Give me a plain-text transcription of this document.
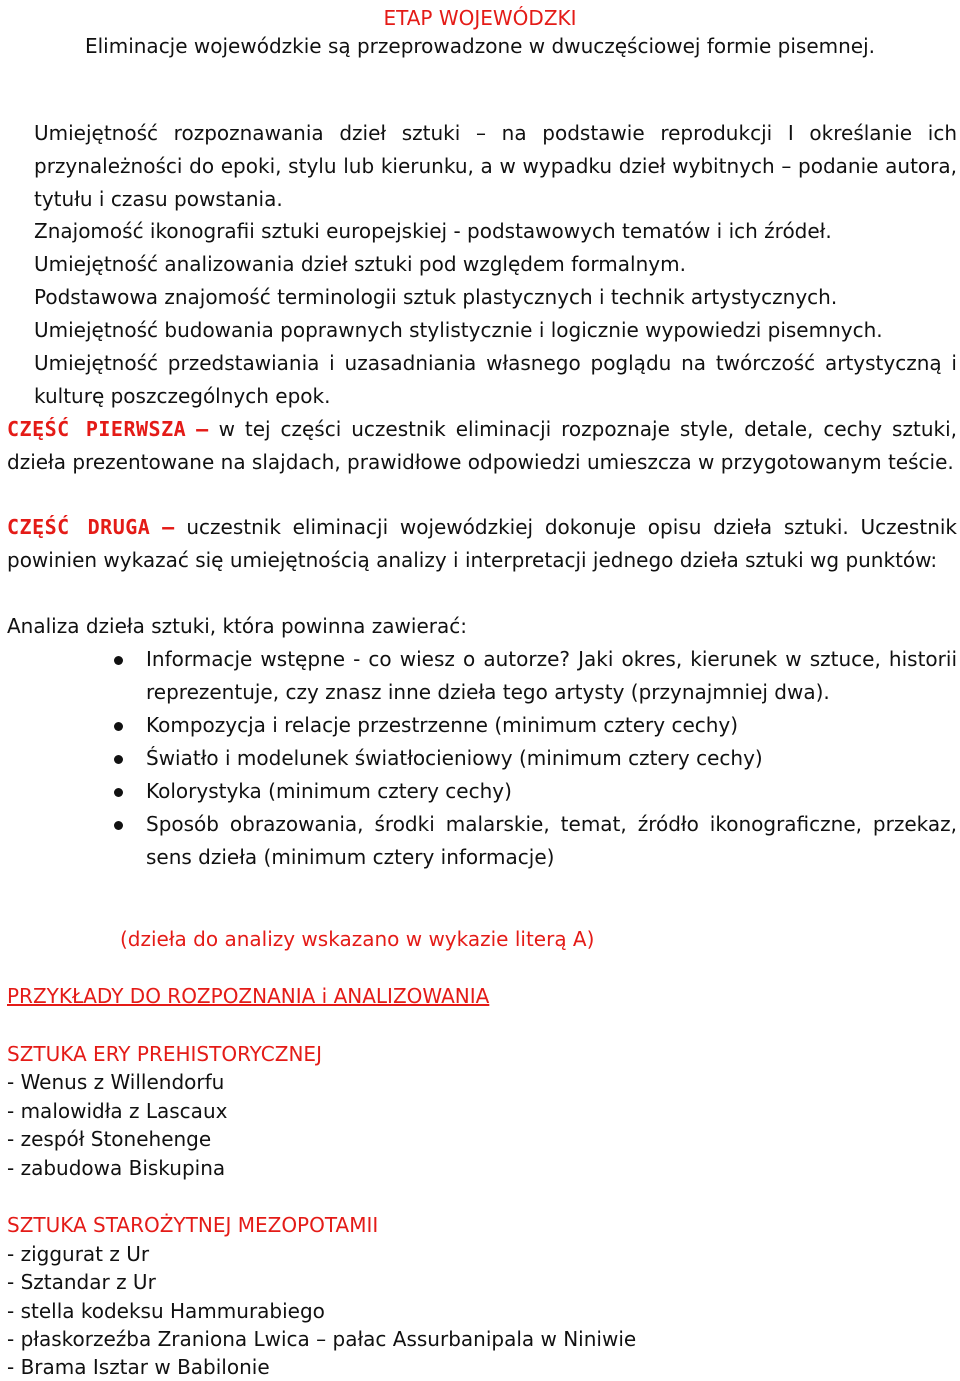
ETAP WOJEWÓDZKI
Eliminacje wojewódzkie są przeprowadzone w dwuczęściowej formie pisemnej.
Umiejętność rozpoznawania dzieł sztuki – na podstawie reprodukcji I określanie ich przynależności do epoki, stylu lub kierunku, a w wypadku dzieł wybitnych – podanie autora, tytułu i czasu powstania.
Znajomość ikonografii sztuki europejskiej - podstawowych tematów i ich źródeł.
Umiejętność analizowania dzieł sztuki pod względem formalnym.
Podstawowa znajomość terminologii sztuk plastycznych i technik artystycznych.
Umiejętność budowania poprawnych stylistycznie i logicznie wypowiedzi pisemnych.
Umiejętność przedstawiania i uzasadniania własnego poglądu na twórczość artystyczną i kulturę poszczególnych epok.
CZĘŚĆ PIERWSZA – w tej części uczestnik eliminacji rozpoznaje style, detale, cechy sztuki, dzieła prezentowane na slajdach, prawidłowe odpowiedzi umieszcza w przygotowanym teście.
CZĘŚĆ DRUGA – uczestnik eliminacji wojewódzkiej dokonuje opisu dzieła sztuki. Uczestnik powinien wykazać się umiejętnością analizy i interpretacji jednego dzieła sztuki wg punktów:
Analiza dzieła sztuki, która powinna zawierać:
Informacje wstępne - co wiesz o autorze? Jaki okres, kierunek w sztuce, historii reprezentuje, czy znasz inne dzieła tego artysty (przynajmniej dwa).
Kompozycja i relacje przestrzenne (minimum cztery cechy)
Światło i modelunek światłocieniowy (minimum cztery cechy)
Kolorystyka (minimum cztery cechy)
Sposób obrazowania, środki malarskie, temat, źródło ikonograficzne, przekaz, sens dzieła (minimum cztery informacje)
(dzieła do analizy wskazano w wykazie literą A)
PRZYKŁADY DO ROZPOZNANIA i ANALIZOWANIA
SZTUKA ERY PREHISTORYCZNEJ
- Wenus z Willendorfu
- malowidła z Lascaux
- zespół Stonehenge
- zabudowa Biskupina
SZTUKA STAROŻYTNEJ MEZOPOTAMII
- ziggurat z Ur
- Sztandar z Ur
- stella kodeksu Hammurabiego
- płaskorzeźba Zraniona Lwica – pałac Assurbanipala w Niniwie
- Brama Isztar w Babilonie
